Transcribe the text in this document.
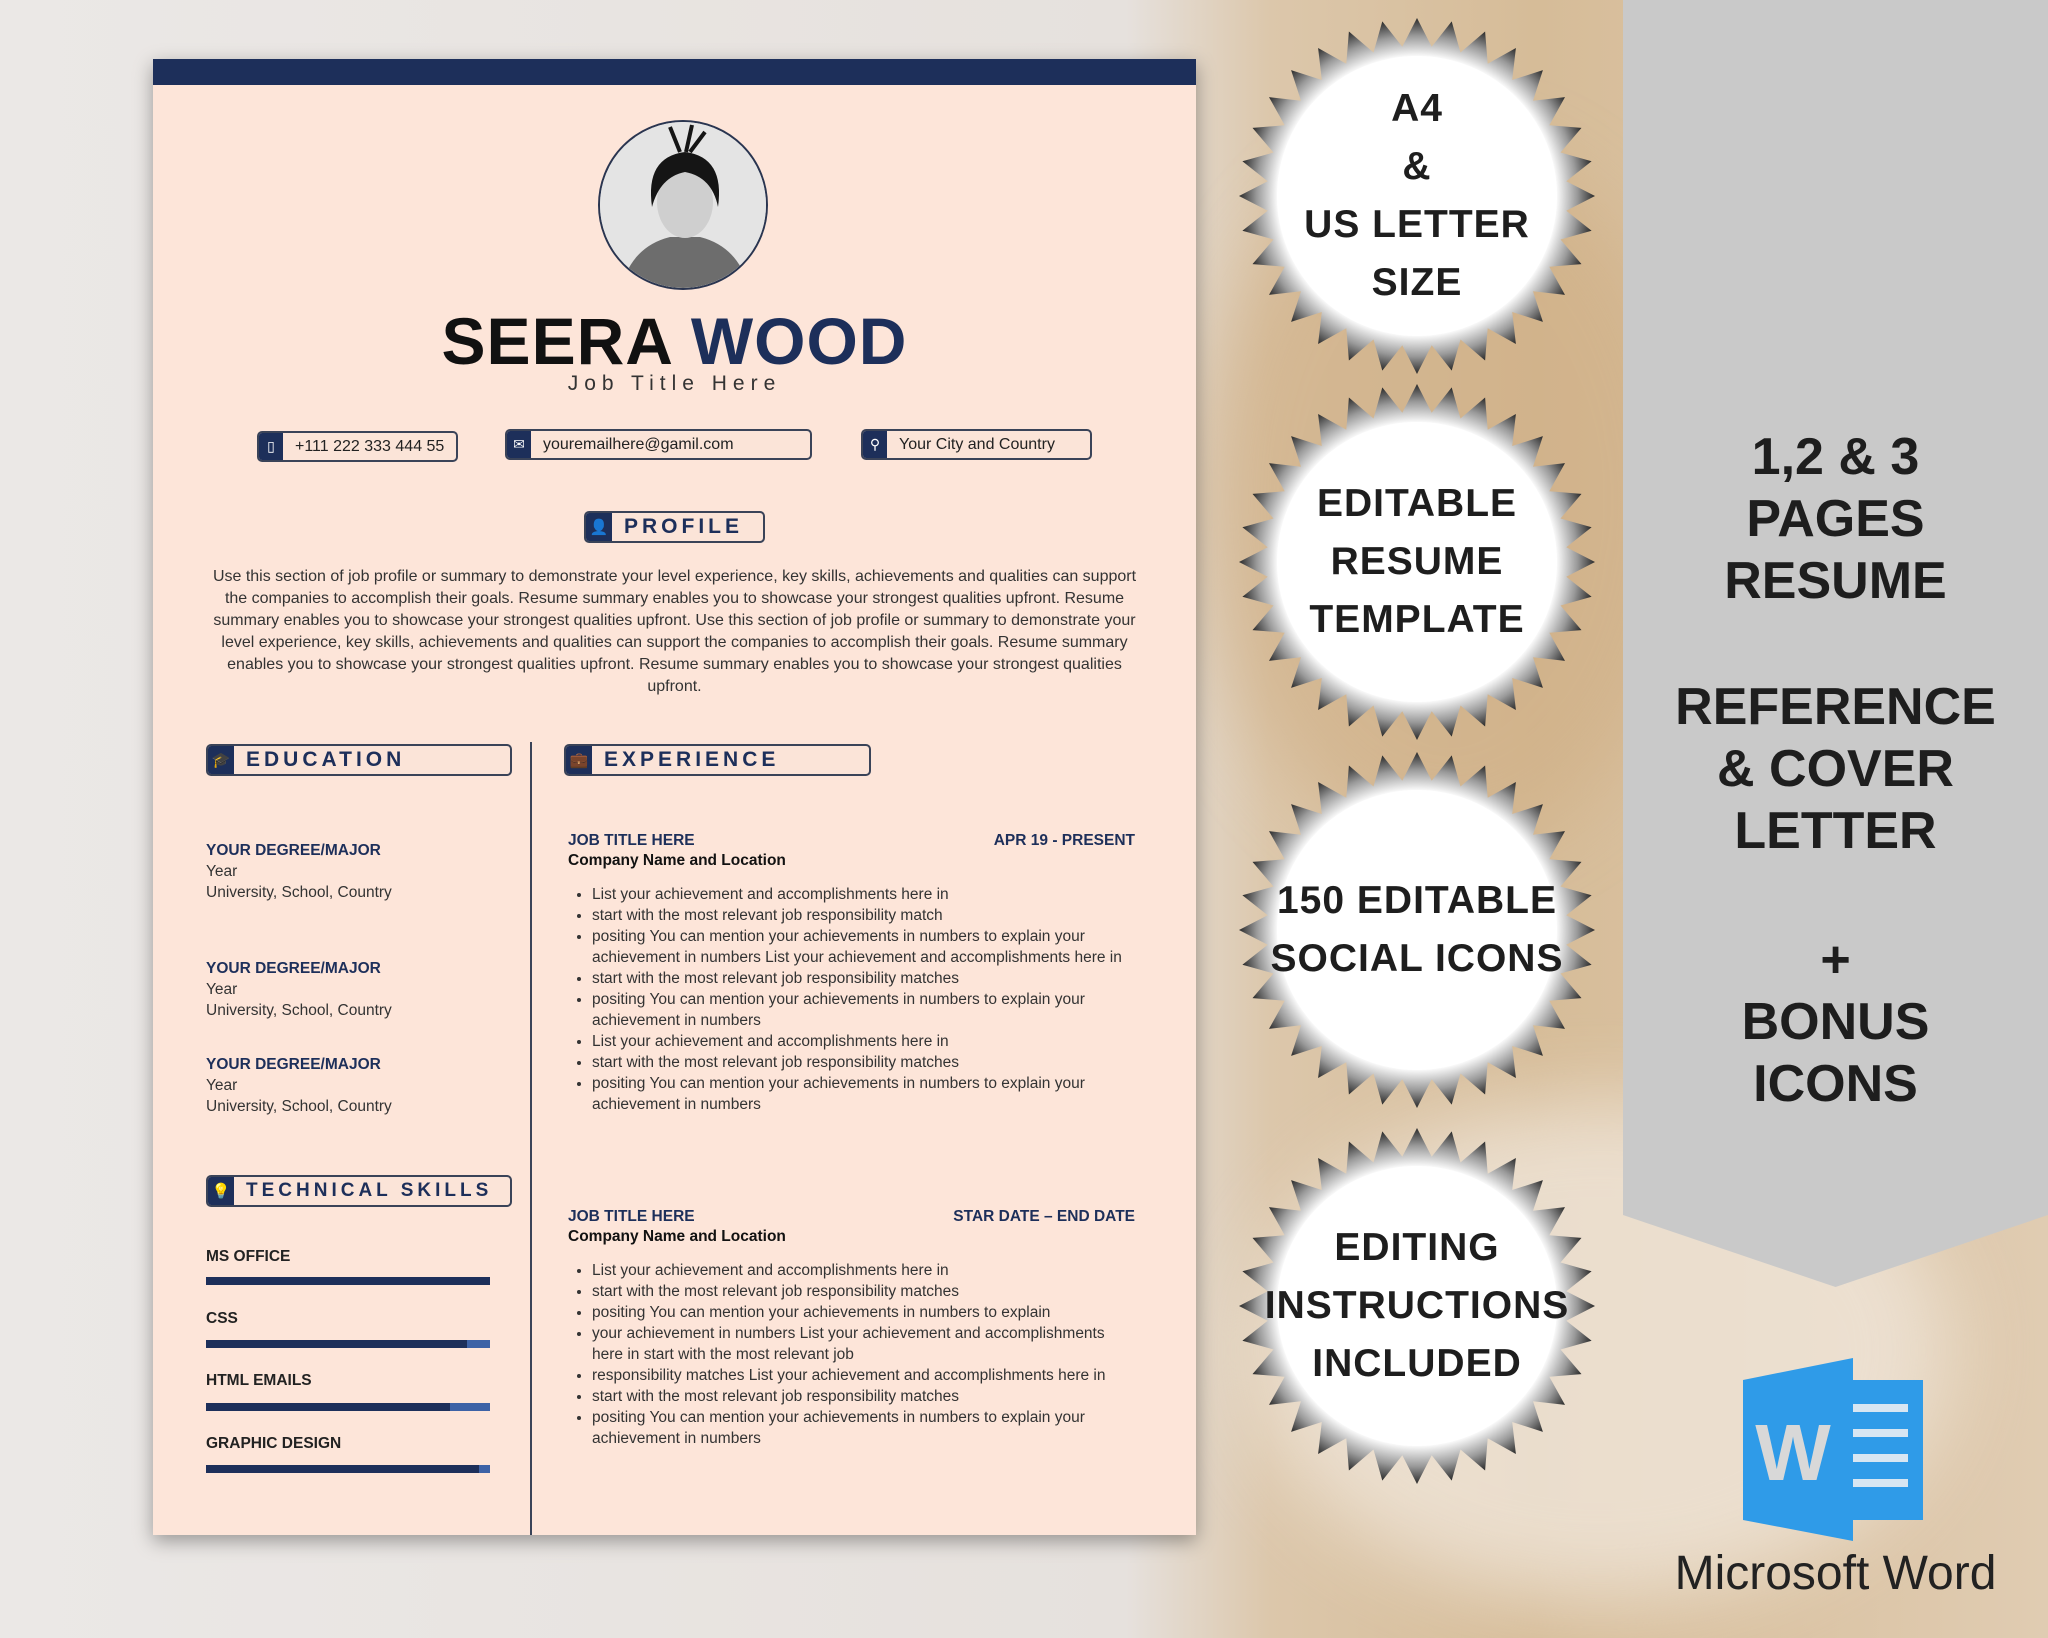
SEERA WOOD
Job Title Here
▯	+111 222 333 444 55	✉	youremailhere@gamil.com	⚲	Your City and Country
👤 PROFILE
Use this section of job profile or summary to demonstrate your level experience, key skills, achievements and qualities can support the companies to accomplish their goals. Resume summary enables you to showcase your strongest qualities upfront. Resume summary enables you to showcase your strongest qualities upfront. Use this section of job profile or summary to demonstrate your level experience, key skills, achievements and qualities can support the companies to accomplish their goals. Resume summary enables you to showcase your strongest qualities upfront. Resume summary enables you to showcase your strongest qualities upfront.
🎓 EDUCATION	💼 EXPERIENCE
YOUR DEGREE/MAJOR
Year
University, School, Country
YOUR DEGREE/MAJOR
Year
University, School, Country
YOUR DEGREE/MAJOR
Year
University, School, Country
💡 TECHNICAL SKILLS
MS OFFICE
CSS
HTML EMAILS
GRAPHIC DESIGN
JOB TITLE HERE	APR 19 - PRESENT
Company Name and Location
• List your achievement and accomplishments here in
• start with the most relevant job responsibility match
• positing You can mention your achievements in numbers to explain your achievement in numbers List your achievement and accomplishments here in
• start with the most relevant job responsibility matches
• positing You can mention your achievements in numbers to explain your achievement in numbers
• List your achievement and accomplishments here in
• start with the most relevant job responsibility matches
• positing You can mention your achievements in numbers to explain your achievement in numbers
JOB TITLE HERE	STAR DATE – END DATE
Company Name and Location
• List your achievement and accomplishments here in
• start with the most relevant job responsibility matches
• positing You can mention your achievements in numbers to explain
• your achievement in numbers List your achievement and accomplishments here in start with the most relevant job
• responsibility matches List your achievement and accomplishments here in
• start with the most relevant job responsibility matches
• positing You can mention your achievements in numbers to explain your achievement in numbers
1,2 & 3
PAGES
RESUME
REFERENCE
& COVER
LETTER
+
BONUS
ICONS
A4
&
US LETTER
SIZE
EDITABLE
RESUME
TEMPLATE
150 EDITABLE
SOCIAL ICONS
EDITING
INSTRUCTIONS
INCLUDED
W
Microsoft Word
